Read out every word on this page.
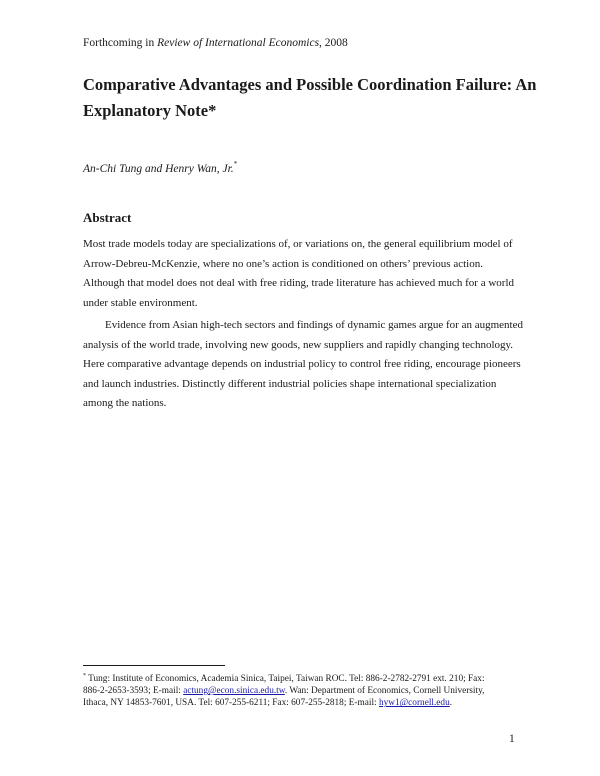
Forthcoming in Review of International Economics, 2008
Comparative Advantages and Possible Coordination Failure: An
Explanatory Note*
An-Chi Tung and Henry Wan, Jr.*
Abstract

Most trade models today are specializations of, or variations on, the general equilibrium model of
Arrow-Debreu-McKenzie, where no one’s action is conditioned on others’ previous action.
Although that model does not deal with free riding, trade literature has achieved much for a world
under stable environment.

Evidence from Asian high-tech sectors and findings of dynamic games argue for an augmented
analysis of the world trade, involving new goods, new suppliers and rapidly changing technology.
Here comparative advantage depends on industrial policy to control free riding, encourage pioneers
and launch industries. Distinctly different industrial policies shape international specialization
among the nations.

* Tung: Institute of Economics, Academia Sinica, Taipei, Taiwan ROC. Tel: 886-2-2782-2791 ext. 210; Fax:
886-2-2653-3593; E-mail: actung@econ.sinica.edu.tw. Wan: Department of Economics, Cornell University,
Ithaca, NY 14853-7601, USA. Tel: 607-255-6211; Fax: 607-255-2818; E-mail: hyw1@cornell.edu.

1
